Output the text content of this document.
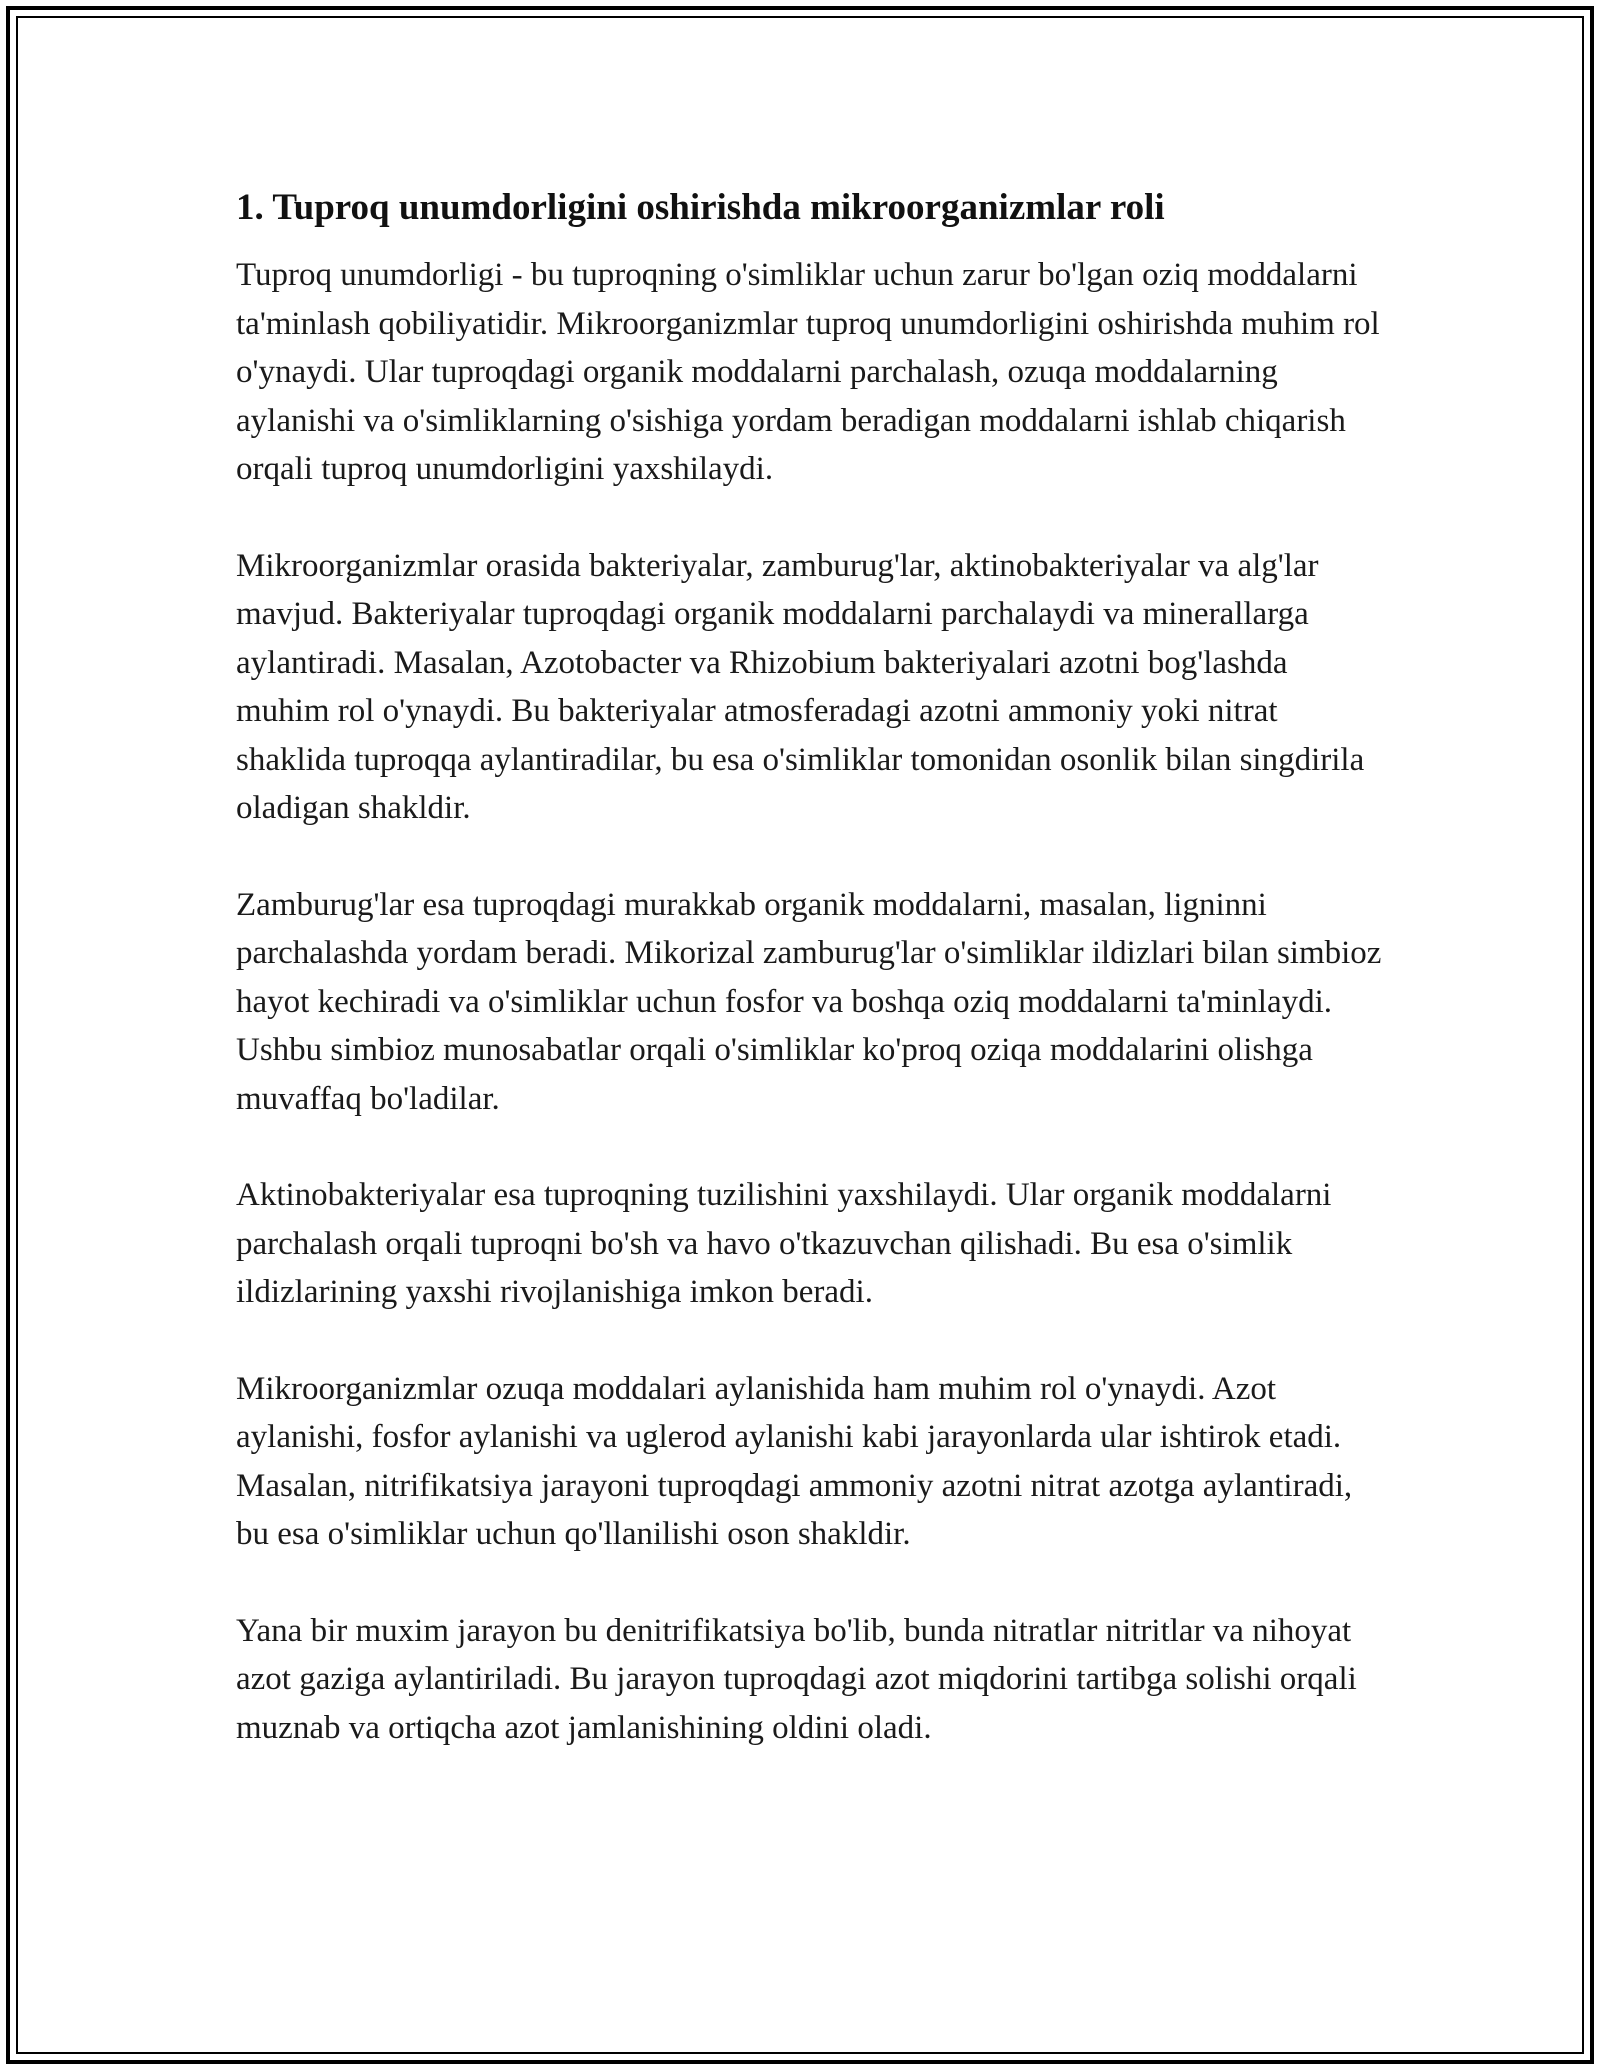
1. Tuproq unumdorligini oshirishda mikroorganizmlar roli

Tuproq unumdorligi - bu tuproqning o'simliklar uchun zarur bo'lgan oziq moddalarni ta'minlash qobiliyatidir. Mikroorganizmlar tuproq unumdorligini oshirishda muhim rol o'ynaydi. Ular tuproqdagi organik moddalarni parchalash, ozuqa moddalarning aylanishi va o'simliklarning o'sishiga yordam beradigan moddalarni ishlab chiqarish orqali tuproq unumdorligini yaxshilaydi.

Mikroorganizmlar orasida bakteriyalar, zamburug'lar, aktinobakteriyalar va alg'lar mavjud. Bakteriyalar tuproqdagi organik moddalarni parchalaydi va minerallarga aylantiradi. Masalan, Azotobacter va Rhizobium bakteriyalari azotni bog'lashda muhim rol o'ynaydi. Bu bakteriyalar atmosferadagi azotni ammoniy yoki nitrat shaklida tuproqqa aylantiradilar, bu esa o'simliklar tomonidan osonlik bilan singdirila oladigan shakldir.

Zamburug'lar esa tuproqdagi murakkab organik moddalarni, masalan, ligninni parchalashda yordam beradi. Mikorizal zamburug'lar o'simliklar ildizlari bilan simbioz hayot kechiradi va o'simliklar uchun fosfor va boshqa oziq moddalarni ta'minlaydi. Ushbu simbioz munosabatlar orqali o'simliklar ko'proq oziqa moddalarini olishga muvaffaq bo'ladilar.

Aktinobakteriyalar esa tuproqning tuzilishini yaxshilaydi. Ular organik moddalarni parchalash orqali tuproqni bo'sh va havo o'tkazuvchan qilishadi. Bu esa o'simlik ildizlarining yaxshi rivojlanishiga imkon beradi.

Mikroorganizmlar ozuqa moddalari aylanishida ham muhim rol o'ynaydi. Azot aylanishi, fosfor aylanishi va uglerod aylanishi kabi jarayonlarda ular ishtirok etadi. Masalan, nitrifikatsiya jarayoni tuproqdagi ammoniy azotni nitrat azotga aylantiradi, bu esa o'simliklar uchun qo'llanilishi oson shakldir.

Yana bir muxim jarayon bu denitrifikatsiya bo'lib, bunda nitratlar nitritlar va nihoyat azot gaziga aylantiriladi. Bu jarayon tuproqdagi azot miqdorini tartibga solishi orqali muznab va ortiqcha azot jamlanishining oldini oladi.
